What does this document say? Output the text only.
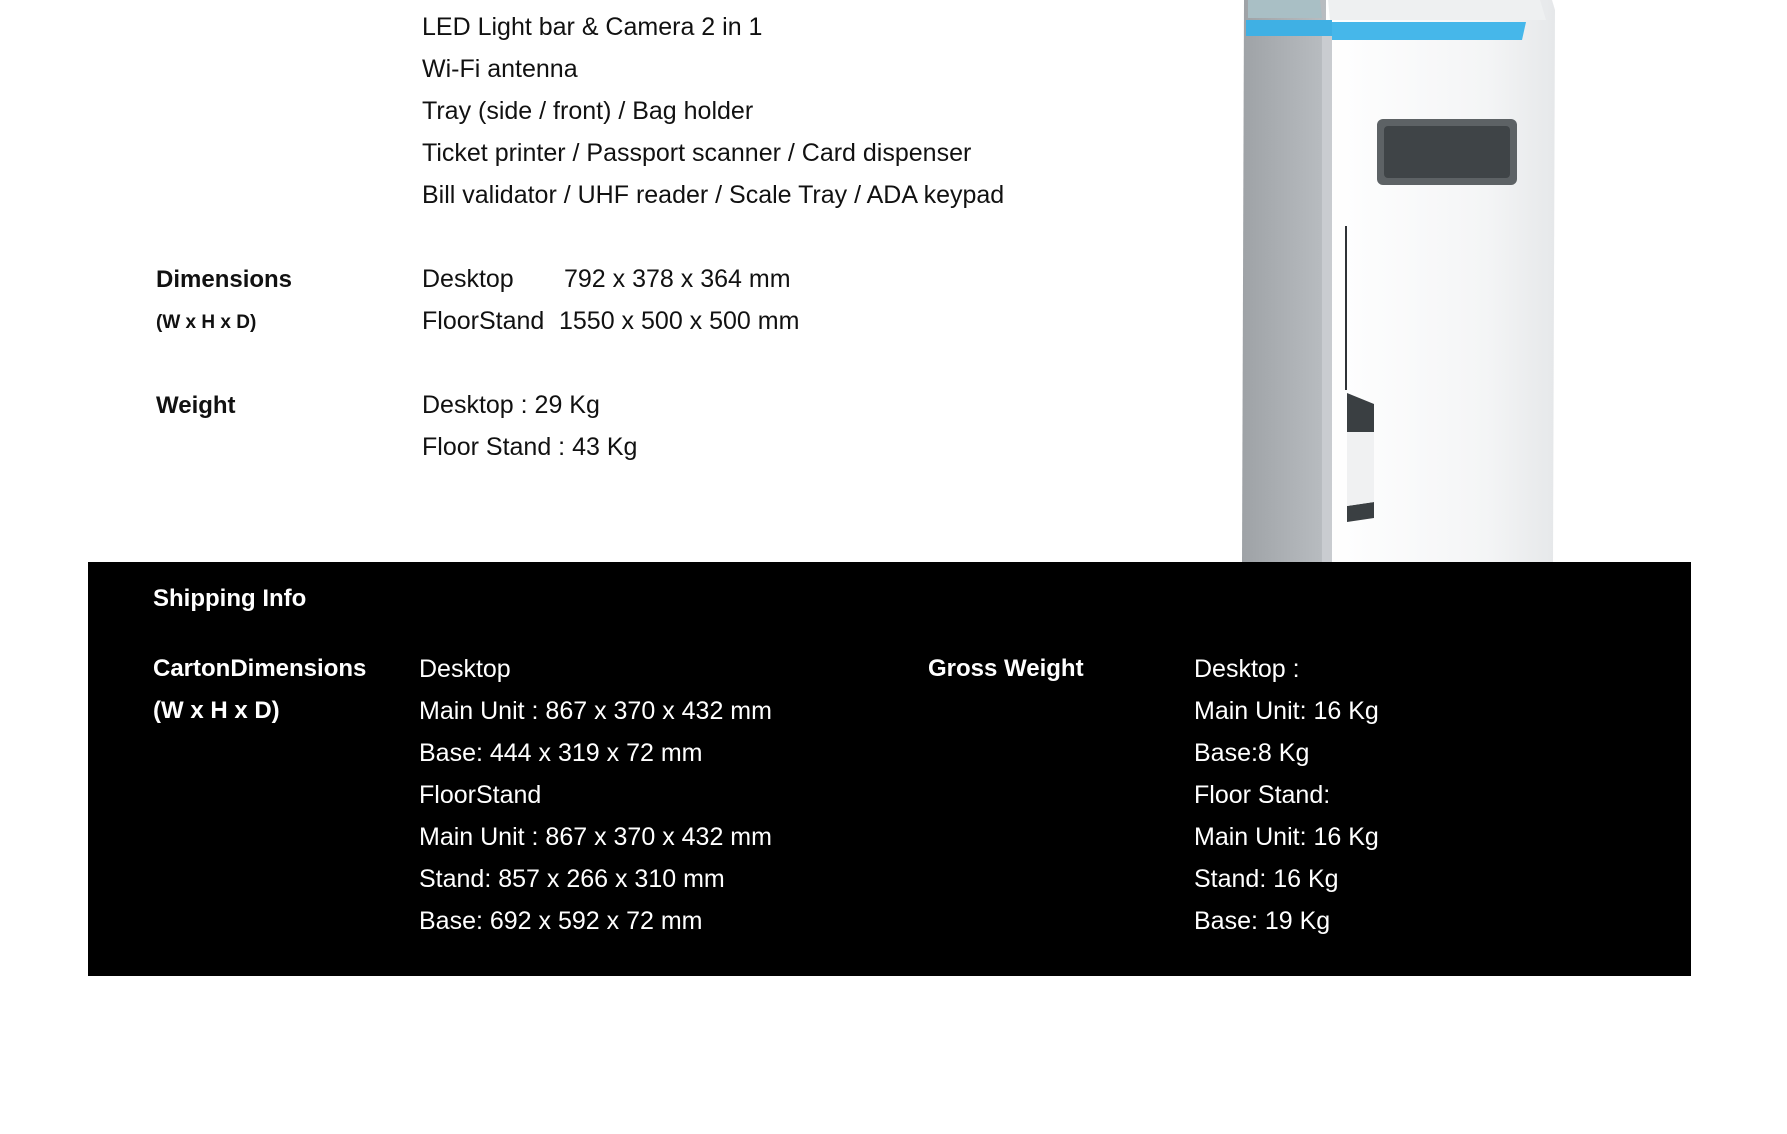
LED Light bar & Camera 2 in 1
Wi-Fi antenna
Tray (side / front) / Bag holder
Ticket printer / Passport scanner / Card dispenser
Bill validator / UHF reader / Scale Tray / ADA keypad
Dimensions
(W x H x D)
Desktop 792 x 378 x 364 mm
FloorStand 1550 x 500 x 500 mm
Weight	Desktop : 29 Kg
Floor Stand : 43 Kg
Shipping Info
CartonDimensions
(W x H x D)
Desktop
Main Unit : 867 x 370 x 432 mm
Base: 444 x 319 x 72 mm
FloorStand
Main Unit : 867 x 370 x 432 mm
Stand: 857 x 266 x 310 mm
Base: 692 x 592 x 72 mm
Gross Weight	Desktop :
Main Unit: 16 Kg
Base:8 Kg
Floor Stand:
Main Unit: 16 Kg
Stand: 16 Kg
Base: 19 Kg
